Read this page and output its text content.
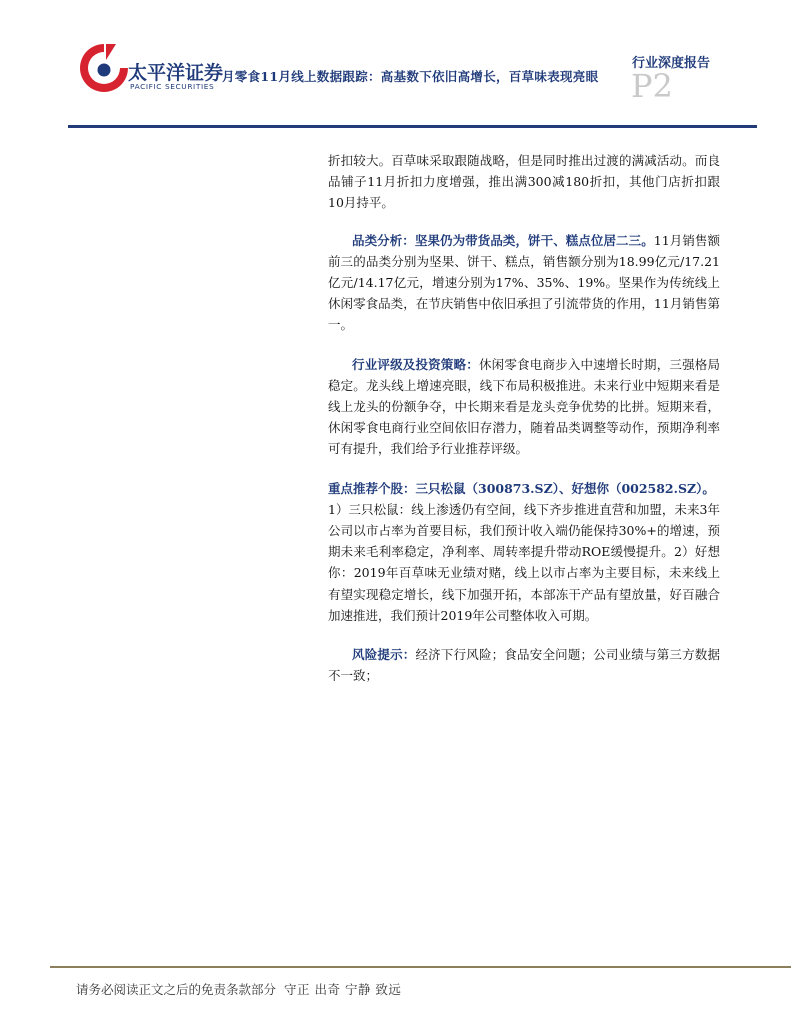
太平洋证券
PACIFIC SECURITIES
行业深度报告
月零食11月线上数据跟踪：高基数下依旧高增长，百草味表现亮眼 P2

折扣较大。百草味采取跟随战略，但是同时推出过渡的满减活动。而良品铺子11月折扣力度增强，推出满300减180折扣，其他门店折扣跟10月持平。

品类分析：坚果仍为带货品类，饼干、糕点位居二三。11月销售额前三的品类分别为坚果、饼干、糕点，销售额分别为18.99亿元/17.21亿元/14.17亿元，增速分别为17%、35%、19%。坚果作为传统线上休闲零食品类，在节庆销售中依旧承担了引流带货的作用，11月销售第一。

行业评级及投资策略：休闲零食电商步入中速增长时期，三强格局稳定。龙头线上增速亮眼，线下布局积极推进。未来行业中短期来看是线上龙头的份额争夺，中长期来看是龙头竞争优势的比拼。短期来看，休闲零食电商行业空间依旧存潜力，随着品类调整等动作，预期净利率可有提升，我们给予行业推荐评级。

重点推荐个股：三只松鼠（300873.SZ）、好想你（002582.SZ）。
1）三只松鼠：线上渗透仍有空间，线下齐步推进直营和加盟，未来3年公司以市占率为首要目标，我们预计收入端仍能保持30%+的增速，预期未来毛利率稳定，净利率、周转率提升带动ROE缓慢提升。2）好想你：2019年百草味无业绩对赌，线上以市占率为主要目标，未来线上有望实现稳定增长，线下加强开拓，本部冻干产品有望放量，好百融合加速推进，我们预计2019年公司整体收入可期。

风险提示：经济下行风险；食品安全问题；公司业绩与第三方数据不一致；

请务必阅读正文之后的免责条款部分 守正 出奇 宁静 致远
